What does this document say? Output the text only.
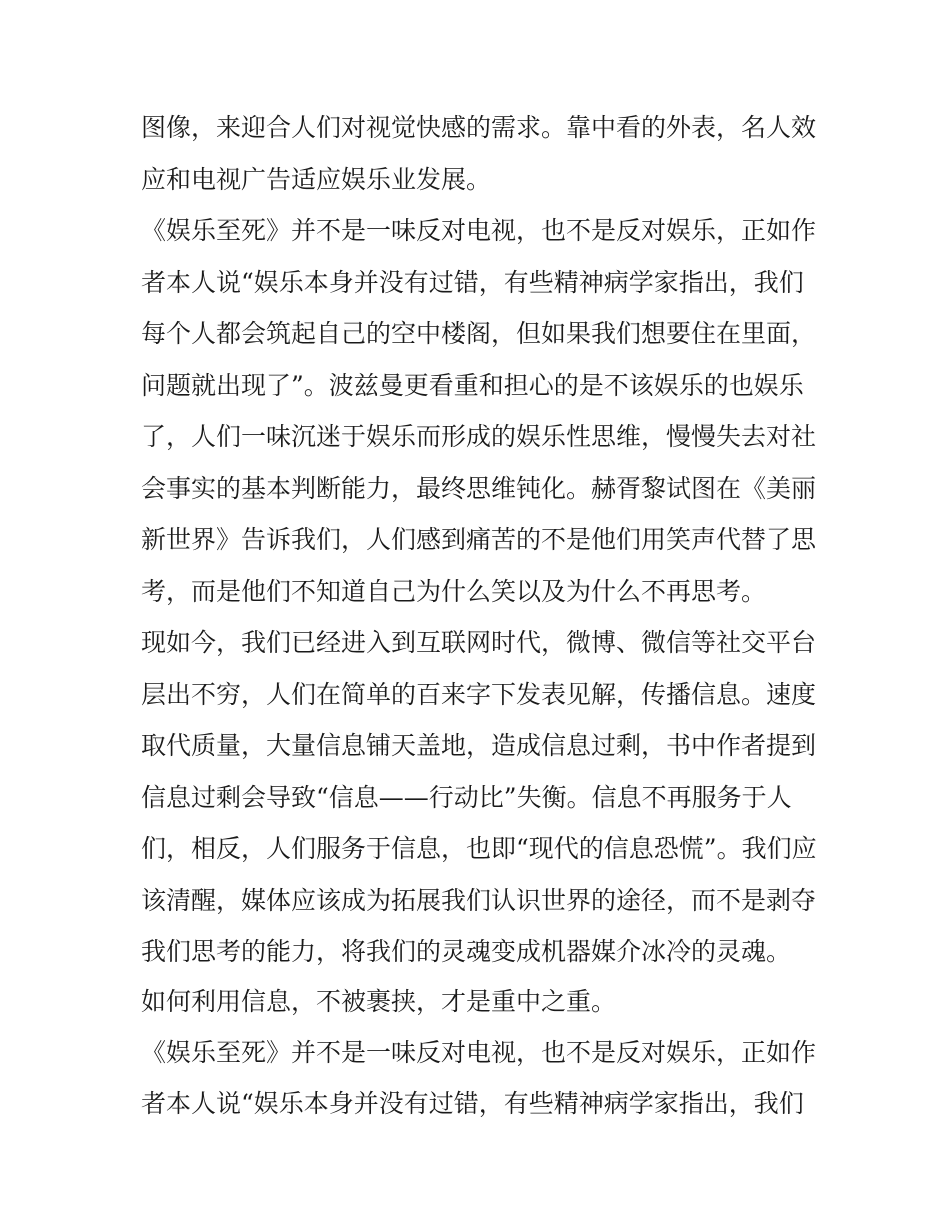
图像，来迎合人们对视觉快感的需求。靠中看的外表，名人效
应和电视广告适应娱乐业发展。
《娱乐至死》并不是一味反对电视，也不是反对娱乐，正如作
者本人说“娱乐本身并没有过错，有些精神病学家指出，我们
每个人都会筑起自己的空中楼阁，但如果我们想要住在里面，
问题就出现了”。波兹曼更看重和担心的是不该娱乐的也娱乐
了，人们一味沉迷于娱乐而形成的娱乐性思维，慢慢失去对社
会事实的基本判断能力，最终思维钝化。赫胥黎试图在《美丽
新世界》告诉我们，人们感到痛苦的不是他们用笑声代替了思
考，而是他们不知道自己为什么笑以及为什么不再思考。
现如今，我们已经进入到互联网时代，微博、微信等社交平台
层出不穷，人们在简单的百来字下发表见解，传播信息。速度
取代质量，大量信息铺天盖地，造成信息过剩，书中作者提到
信息过剩会导致“信息——行动比”失衡。信息不再服务于人
们，相反，人们服务于信息，也即“现代的信息恐慌”。我们应
该清醒，媒体应该成为拓展我们认识世界的途径，而不是剥夺
我们思考的能力，将我们的灵魂变成机器媒介冰冷的灵魂。
如何利用信息，不被裹挟，才是重中之重。
《娱乐至死》并不是一味反对电视，也不是反对娱乐，正如作
者本人说“娱乐本身并没有过错，有些精神病学家指出，我们
